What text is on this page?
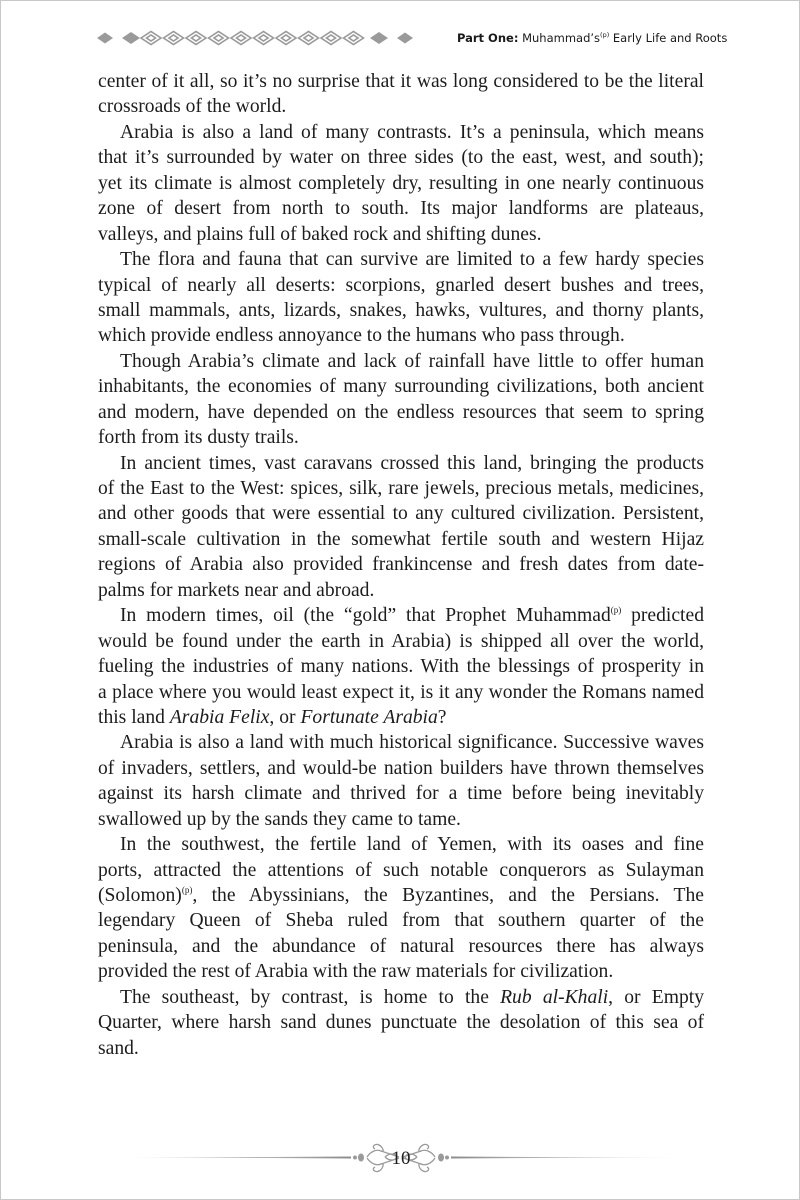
Part One: $Muhammad’s^{(p)}$ Early Life and Roots
center of it all, so it’s no surprise that it was long considered to be the literal
crossroads of the world.
Arabia is also a land of many contrasts. It’s a peninsula, which means
that it’s surrounded by water on three sides (to the east, west, and south);
yet its climate is almost completely dry, resulting in one nearly continuous
zone of desert from north to south. Its major landforms are plateaus,
valleys, and plains full of baked rock and shifting dunes.
The flora and fauna that can survive are limited to a few hardy species
typical of nearly all deserts: scorpions, gnarled desert bushes and trees,
small mammals, ants, lizards, snakes, hawks, vultures, and thorny plants,
which provide endless annoyance to the humans who pass through.
Though Arabia’s climate and lack of rainfall have little to offer human
inhabitants, the economies of many surrounding civilizations, both ancient
and modern, have depended on the endless resources that seem to spring
forth from its dusty trails.
In ancient times, vast caravans crossed this land, bringing the products
of the East to the West: spices, silk, rare jewels, precious metals, medicines,
and other goods that were essential to any cultured civilization. Persistent,
small-scale cultivation in the somewhat fertile south and western Hijaz
regions of Arabia also provided frankincense and fresh dates from date-
palms for markets near and abroad.
In modern times, oil (the “gold” that Prophet Muhammad$^{(p)}$ predicted
would be found under the earth in Arabia) is shipped all over the world,
fueling the industries of many nations. With the blessings of prosperity in
a place where you would least expect it, is it any wonder the Romans named
this land Arabia Felix, or Fortunate Arabia?
Arabia is also a land with much historical significance. Successive waves
of invaders, settlers, and would-be nation builders have thrown themselves
against its harsh climate and thrived for a time before being inevitably
swallowed up by the sands they came to tame.
In the southwest, the fertile land of Yemen, with its oases and fine
ports, attracted the attentions of such notable conquerors as Sulayman
(Solomon)$^{(p)}$, the Abyssinians, the Byzantines, and the Persians. The
legendary Queen of Sheba ruled from that southern quarter of the
peninsula, and the abundance of natural resources there has always
provided the rest of Arabia with the raw materials for civilization.
The southeast, by contrast, is home to the Rub al-Khali, or Empty
Quarter, where harsh sand dunes punctuate the desolation of this sea of
sand.
10
